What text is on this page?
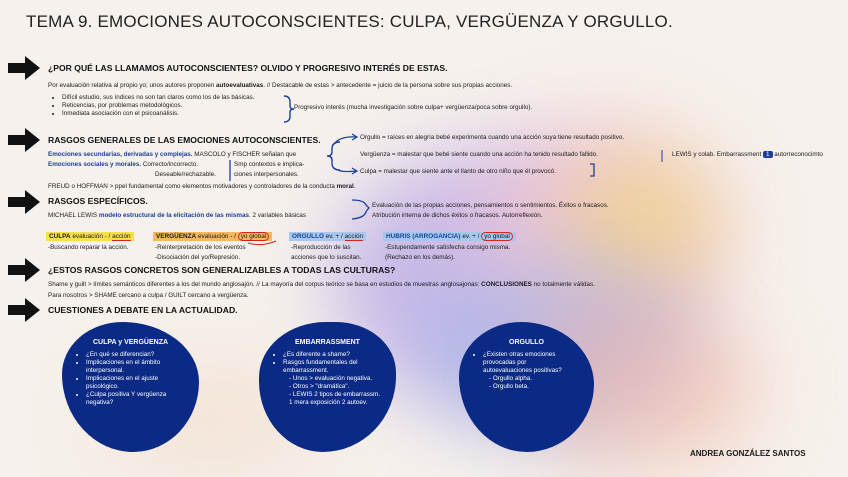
TEMA 9. EMOCIONES AUTOCONSCIENTES: CULPA, VERGÜENZA Y ORGULLO.
¿POR QUÉ LAS LLAMAMOS AUTOCONSCIENTES? OLVIDO Y PROGRESIVO INTERÉS DE ESTAS.
Por evaluación relativa al propio yo; unos autores proponen autoevaluativas. // Destacable de estas > antecedente = juicio de la persona sobre sus propias acciones.
• Difícil estudio, sus índices no son tan claros como los de las básicas.
• Reticencias, por problemas metodológicos.
• Inmediata asociación con el psicoanálisis.
Progresivo interés (mucha investigación sobre culpa+ vergüenza/poca sobre orgullo).
RASGOS GENERALES DE LAS EMOCIONES AUTOCONSCIENTES.
Emociones secundarias, derivadas y complejas. MASCOLO y FISCHER señalan que
Emociones sociales y morales. Correcto/incorrecto.
Deseable/rechazable.
Smp contextos e implica-
ciones interpersonales.
FREUD o HOFFMAN > ppel fundamental como elementos motivadores y controladores de la conducta moral.
Orgullo = raíces en alegría bebé experimenta cuando una acción suya tiene resultado positivo.
Vergüenza = malestar que bebé siente cuando una acción ha tenido resultado fallido.
Culpa = malestar que siente ante el llanto de otro niño que él provocó.
LEWIS y colab. Embarrassment 1 autorreconocimto
RASGOS ESPECÍFICOS.
MICHAEL LEWIS modelo estructural de la elicitación de las mismas. 2 variables básicas
Evaluación de las propias acciones, pensamientos o sentimientos. Éxitos o fracasos.
Atribución interna de dichos éxitos o fracasos. Autorreflexión.
CULPA evaluación - / acción
-Buscando reparar la acción.
VERGÜENZA evaluación - / yo global
-Reinterpretación de los eventos
-Disociación del yo/Represión.
ORGULLO ev. + / acción
-Reproducción de las
acciones que lo suscitan.
HUBRIS (ARROGANCIA) ev. + / yo global
-Estupendamente satisfecha consigo misma.
(Rechazo en los demás).
¿ESTOS RASGOS CONCRETOS SON GENERALIZABLES A TODAS LAS CULTURAS?
Shame y guilt > límites semánticos diferentes a los del mundo anglosajón. // La mayoría del corpus teórico se basa en estudios de muestras anglosajonas: CONCLUSIONES no totalmente válidas.
Para nosotros > SHAME cercano a culpa / GUILT cercano a vergüenza.
CUESTIONES A DEBATE EN LA ACTUALIDAD.
CULPA y VERGÜENZA
• ¿En qué se diferencian?
• Implicaciones en el ámbito interpersonal.
• Implicaciones en el ajuste psicológico.
• ¿Culpa positiva Y vergüenza negativa?
EMBARRASSMENT
• ¿Es diferente a shame?
• Rasgos fundamentales del embarrassment.
- Unos > evaluación negativa.
- Otros > "dramática".
- LEWIS 2 tipos de embarrassm.
1 mera exposición 2 autoev.
ORGULLO
• ¿Existen otras emociones provocadas por autoevaluaciones positivas?
- Orgullo alpha.
- Orgullo beta.
ANDREA GONZÁLEZ SANTOS
